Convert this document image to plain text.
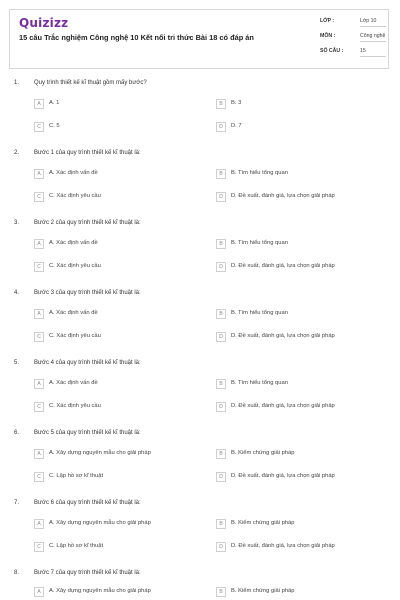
Quizizz
15 câu Trắc nghiệm Công nghệ 10 Kết nối tri thức Bài 18 có đáp án
LỚP :	Lớp 10
MÔN :	Công nghệ
SỐ CÂU :	15
1. Quy trình thiết kế kĩ thuật gồm mấy bước?
A	A. 1	B	B. 3
C	C. 5	D	D. 7
2. Bước 1 của quy trình thiết kế kĩ thuật là:
A	A. Xác định vấn đề	B	B. Tìm hiểu tổng quan
C	C. Xác định yêu cầu	D	D. Đề xuất, đánh giá, lựa chọn giải pháp
3. Bước 2 của quy trình thiết kế kĩ thuật là:
A	A. Xác định vấn đề	B	B. Tìm hiểu tổng quan
C	C. Xác định yêu cầu	D	D. Đề xuất, đánh giá, lựa chọn giải pháp
4. Bước 3 của quy trình thiết kế kĩ thuật là:
A	A. Xác định vấn đề	B	B. Tìm hiểu tổng quan
C	C. Xác định yêu cầu	D	D. Đề xuất, đánh giá, lựa chọn giải pháp
5. Bước 4 của quy trình thiết kế kĩ thuật là:
A	A. Xác định vấn đề	B	B. Tìm hiểu tổng quan
C	C. Xác định yêu cầu	D	D. Đề xuất, đánh giá, lựa chọn giải pháp
6. Bước 5 của quy trình thiết kế kĩ thuật là:
A	A. Xây dựng nguyên mẫu cho giải pháp	B	B. Kiểm chứng giải pháp
C	C. Lập hồ sơ kĩ thuật	D	D. Đề xuất, đánh giá, lựa chọn giải pháp
7. Bước 6 của quy trình thiết kế kĩ thuật là:
A	A. Xây dựng nguyên mẫu cho giải pháp	B	B. Kiểm chứng giải pháp
C	C. Lập hồ sơ kĩ thuật	D	D. Đề xuất, đánh giá, lựa chọn giải pháp
8. Bước 7 của quy trình thiết kế kĩ thuật là:
A	A. Xây dựng nguyên mẫu cho giải pháp	B	B. Kiểm chứng giải pháp
